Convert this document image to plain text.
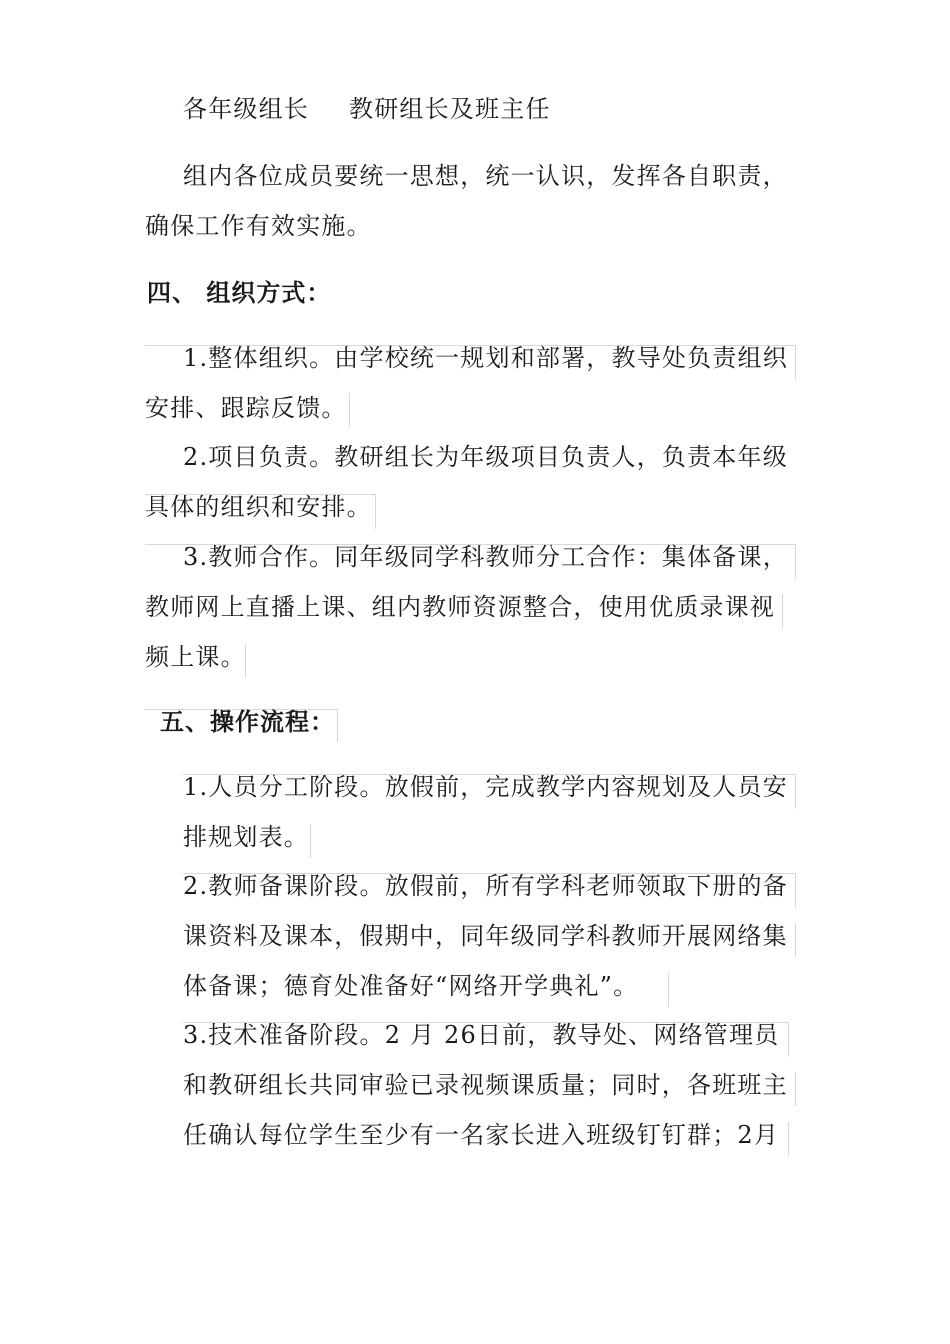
各年级组长 教研组长及班主任
组内各位成员要统一思想，统一认识，发挥各自职责，
确保工作有效实施。
四、 组织方式：
1.整体组织。由学校统一规划和部署，教导处负责组织
安排、跟踪反馈。
2.项目负责。教研组长为年级项目负责人，负责本年级
具体的组织和安排。
3.教师合作。同年级同学科教师分工合作：集体备课，
教师网上直播上课、组内教师资源整合，使用优质录课视
频上课。
五、操作流程：
1.人员分工阶段。放假前，完成教学内容规划及人员安
排规划表。
2.教师备课阶段。放假前，所有学科老师领取下册的备
课资料及课本，假期中，同年级同学科教师开展网络集
体备课；德育处准备好“网络开学典礼”。
3.技术准备阶段。2 月 26日前，教导处、网络管理员
和教研组长共同审验已录视频课质量；同时，各班班主
任确认每位学生至少有一名家长进入班级钉钉群；2月
